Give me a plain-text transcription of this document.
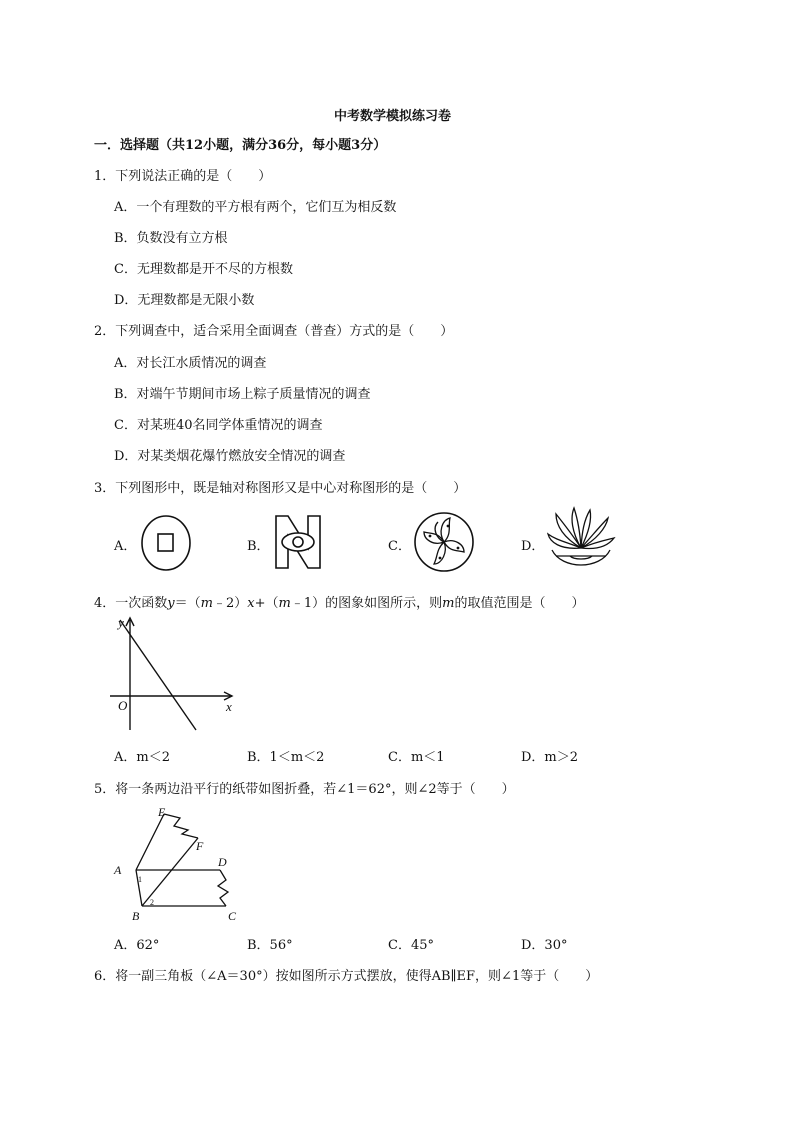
中考数学模拟练习卷
一．选择题（共12小题，满分36分，每小题3分）
1．下列说法正确的是（　　）
A．一个有理数的平方根有两个，它们互为相反数
B．负数没有立方根
C．无理数都是开不尽的方根数
D．无理数都是无限小数
2．下列调查中，适合采用全面调查（普查）方式的是（　　）
A．对长江水质情况的调查
B．对端午节期间市场上粽子质量情况的调查
C．对某班40名同学体重情况的调查
D．对某类烟花爆竹燃放安全情况的调查
3．下列图形中，既是轴对称图形又是中心对称图形的是（　　）
A．	B．	C．	D．
4．一次函数y＝（m﹣2）x+（m﹣1）的图象如图所示，则m的取值范围是（　　）
y
x
O
A．m＜2	B．1＜m＜2	C．m＜1	D．m＞2
5．将一条两边沿平行的纸带如图折叠，若∠1＝62°，则∠2等于（　　）
E
F
D
A
B	C
1
2
A．62°	B．56°	C．45°	D．30°
6．将一副三角板（∠A＝30°）按如图所示方式摆放，使得AB∥EF，则∠1等于（　　）
